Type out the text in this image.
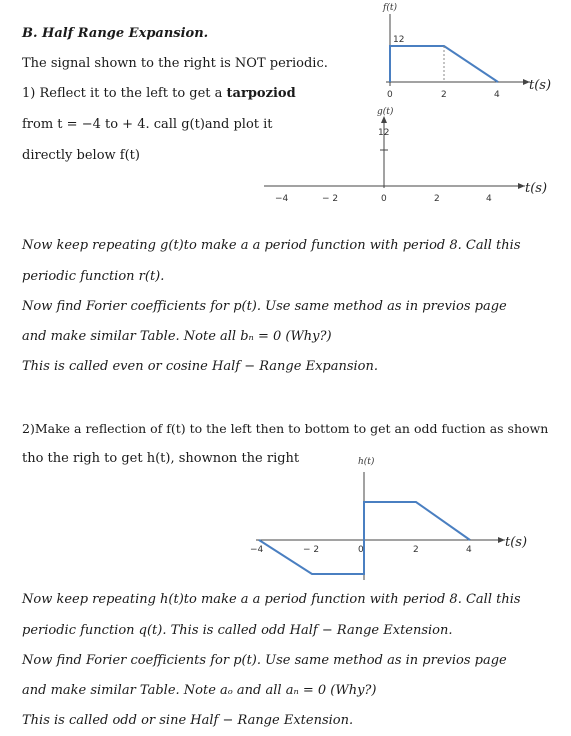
B. Half Range Expansion.
The signal shown to the right is NOT periodic.
1) Reflect it to the left to get a tarpoziod
from t = −4 to + 4. call g(t)and plot it
directly below f(t)
f(t)
12
0	2	4
t(s)
g(t)
12
−4	− 2	0	2	4
t(s)
Now keep repeating g(t)to make a a period function with period 8. Call this
periodic function r(t).
Now find Forier coefficients for p(t). Use same method as in previos page
and make similar Table. Note all bₙ = 0 (Why?)
This is called even or cosine Half − Range Expansion.
2)Make a reflection of f(t) to the left then to bottom to get an odd fuction as shown
tho the righ to get h(t), shownon the right	h(t)
−4	− 2	0	2	4	t(s)
Now keep repeating h(t)to make a a period function with period 8. Call this
periodic function q(t). This is called odd Half − Range Extension.
Now find Forier coefficients for p(t). Use same method as in previos page
and make similar Table. Note aₒ and all aₙ = 0 (Why?)
This is called odd or sine Half − Range Extension.
